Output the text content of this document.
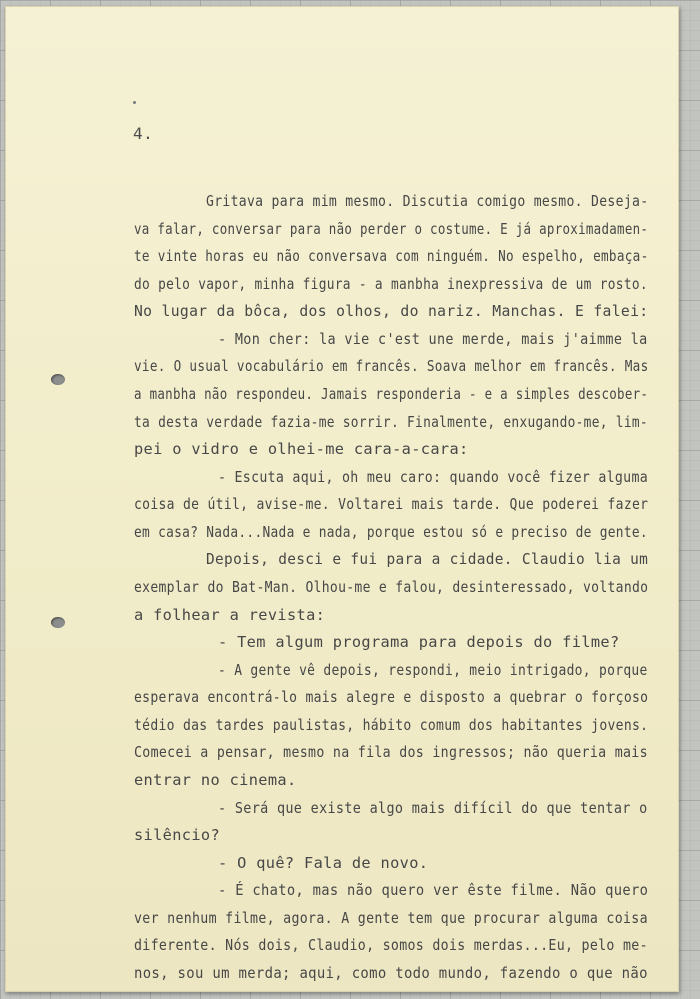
4.
Gritava para mim mesmo. Discutia comigo mesmo. Deseja-
va falar, conversar para não perder o costume. E já aproximadamen-
te vinte horas eu não conversava com ninguém. No espelho, embaça-
do pelo vapor, minha figura - a manbha inexpressiva de um rosto.
No lugar da bôca, dos olhos, do nariz. Manchas. E falei:
- Mon cher: la vie c'est une merde, mais j'aimme la
vie. O usual vocabulário em francês. Soava melhor em francês. Mas
a manbha não respondeu. Jamais responderia - e a simples descober-
ta desta verdade fazia-me sorrir. Finalmente, enxugando-me, lim-
pei o vidro e olhei-me cara-a-cara:
- Escuta aqui, oh meu caro: quando você fizer alguma
coisa de útil, avise-me. Voltarei mais tarde. Que poderei fazer
em casa? Nada...Nada e nada, porque estou só e preciso de gente.
Depois, desci e fui para a cidade. Claudio lia um
exemplar do Bat-Man. Olhou-me e falou, desinteressado, voltando
a folhear a revista:
- Tem algum programa para depois do filme?
- A gente vê depois, respondi, meio intrigado, porque
esperava encontrá-lo mais alegre e disposto a quebrar o forçoso
tédio das tardes paulistas, hábito comum dos habitantes jovens.
Comecei a pensar, mesmo na fila dos ingressos; não queria mais
entrar no cinema.
- Será que existe algo mais difícil do que tentar o
silêncio?
- O quê? Fala de novo.
- É chato, mas não quero ver êste filme. Não quero
ver nenhum filme, agora. A gente tem que procurar alguma coisa
diferente. Nós dois, Claudio, somos dois merdas...Eu, pelo me-
nos, sou um merda; aqui, como todo mundo, fazendo o que não
